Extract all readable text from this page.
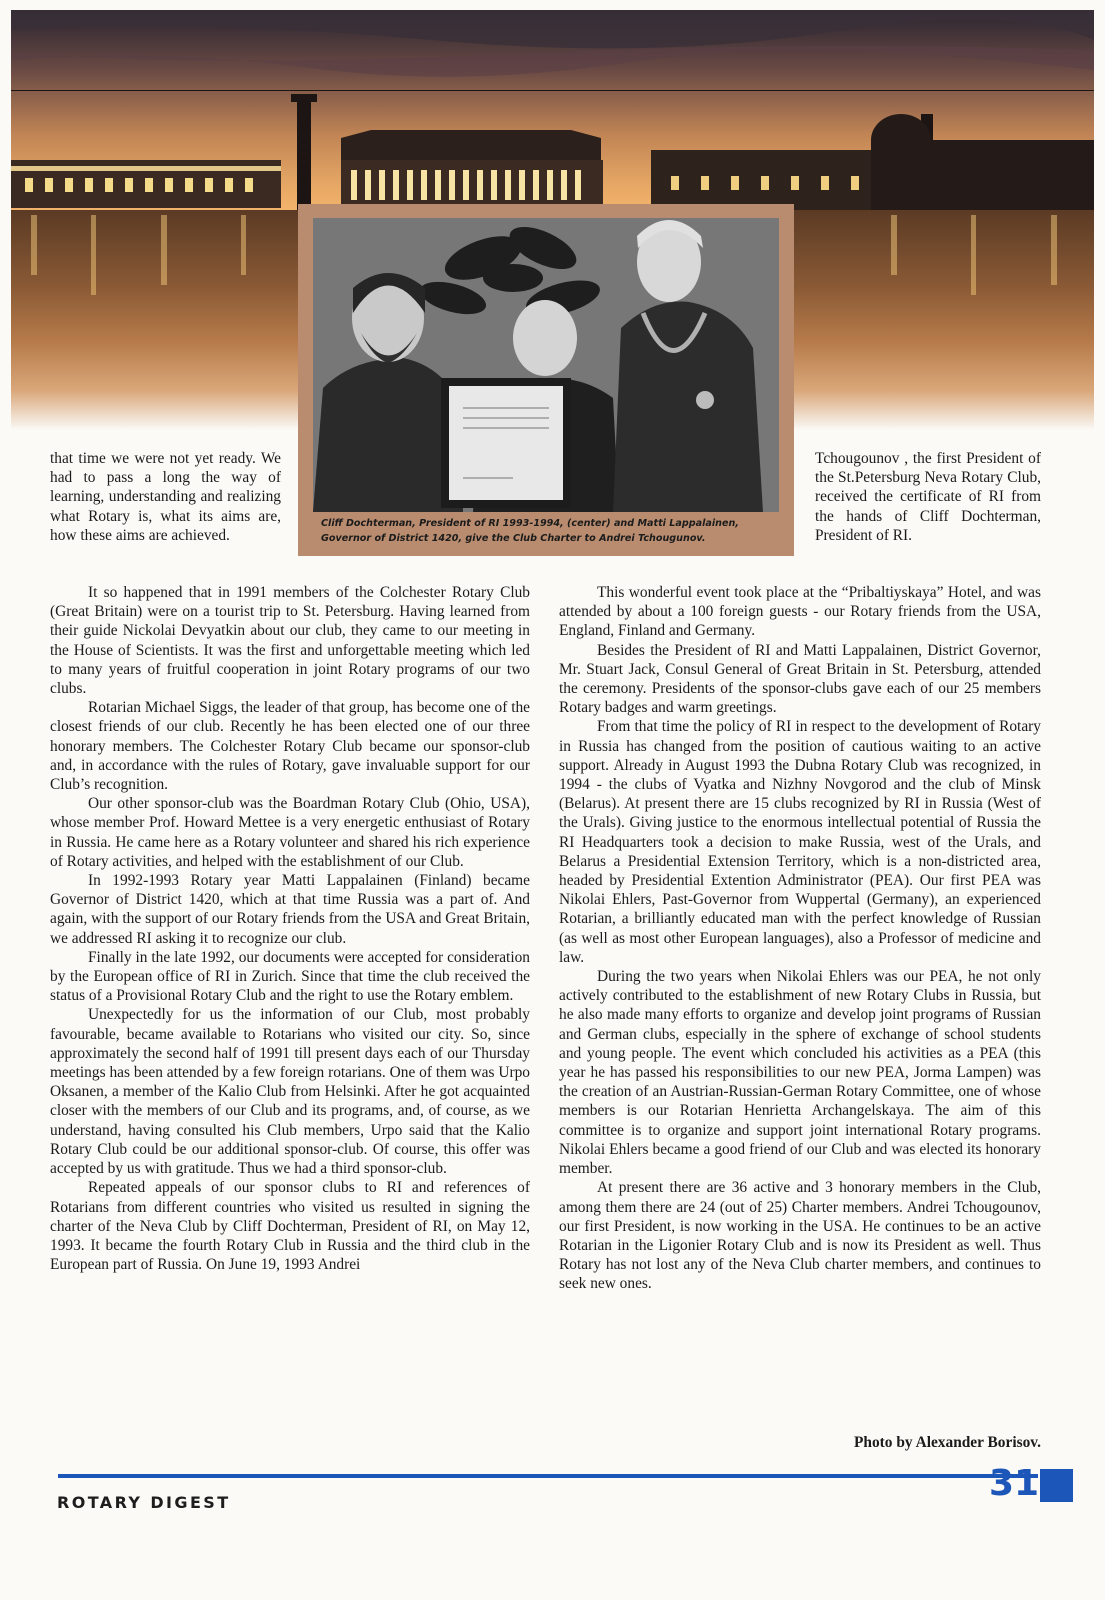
Cliff Dochterman, President of RI 1993-1994, (center) and Matti Lappalainen,
Governor of District 1420, give the Club Charter to Andrei Tchougunov.

that time we were not yet ready. We had to pass a long the way of learning, understanding and realizing what Rotary is, what its aims are, how these aims are achieved.

It so happened that in 1991 members of the Colchester Rotary Club (Great Britain) were on a tourist trip to St. Petersburg. Having learned from their guide Nickolai Devyatkin about our club, they came to our meeting in the House of Scientists. It was the first and unforgettable meeting which led to many years of fruitful cooperation in joint Rotary programs of our two clubs.

Rotarian Michael Siggs, the leader of that group, has become one of the closest friends of our club. Recently he has been elected one of our three honorary members. The Colchester Rotary Club became our sponsor-club and, in accordance with the rules of Rotary, gave invaluable support for our Club’s recognition.

Our other sponsor-club was the Boardman Rotary Club (Ohio, USA), whose member Prof. Howard Mettee is a very energetic enthusiast of Rotary in Russia. He came here as a Rotary volunteer and shared his rich experience of Rotary activities, and helped with the establishment of our Club.

In 1992-1993 Rotary year Matti Lappalainen (Finland) became Governor of District 1420, which at that time Russia was a part of. And again, with the support of our Rotary friends from the USA and Great Britain, we addressed RI asking it to recognize our club.

Finally in the late 1992, our documents were accepted for consideration by the European office of RI in Zurich. Since that time the club received the status of a Provisional Rotary Club and the right to use the Rotary emblem.

Unexpectedly for us the information of our Club, most probably favourable, became available to Rotarians who visited our city. So, since approximately the second half of 1991 till present days each of our Thursday meetings has been attended by a few foreign rotarians. One of them was Urpo Oksanen, a member of the Kalio Club from Helsinki. After he got acquainted closer with the members of our Club and its programs, and, of course, as we understand, having consulted his Club members, Urpo said that the Kalio Rotary Club could be our additional sponsor-club. Of course, this offer was accepted by us with gratitude. Thus we had a third sponsor-club.

Repeated appeals of our sponsor clubs to RI and references of Rotarians from different countries who visited us resulted in signing the charter of the Neva Club by Cliff Dochterman, President of RI, on May 12, 1993. It became the fourth Rotary Club in Russia and the third club in the European part of Russia. On June 19, 1993 Andrei

Tchougounov , the first President of the St.Petersburg Neva Rotary Club, received the certificate of RI from the hands of Cliff Dochterman, President of RI.

This wonderful event took place at the “Pribaltiyskaya” Hotel, and was attended by about a 100 foreign guests - our Rotary friends from the USA, England, Finland and Germany.

Besides the President of RI and Matti Lappalainen, District Governor, Mr. Stuart Jack, Consul General of Great Britain in St. Petersburg, attended the ceremony. Presidents of the sponsor-clubs gave each of our 25 members Rotary badges and warm greetings.

From that time the policy of RI in respect to the development of Rotary in Russia has changed from the position of cautious waiting to an active support. Already in August 1993 the Dubna Rotary Club was recognized, in 1994 - the clubs of Vyatka and Nizhny Novgorod and the club of Minsk (Belarus). At present there are 15 clubs recognized by RI in Russia (West of the Urals). Giving justice to the enormous intellectual potential of Russia the RI Headquarters took a decision to make Russia, west of the Urals, and Belarus a Presidential Extension Territory, which is a non-districted area, headed by Presidential Extention Administrator (PEA). Our first PEA was Nikolai Ehlers, Past-Governor from Wuppertal (Germany), an experienced Rotarian, a brilliantly educated man with the perfect knowledge of Russian (as well as most other European languages), also a Professor of medicine and law.

During the two years when Nikolai Ehlers was our PEA, he not only actively contributed to the establishment of new Rotary Clubs in Russia, but he also made many efforts to organize and develop joint programs of Russian and German clubs, especially in the sphere of exchange of school students and young people. The event which concluded his activities as a PEA (this year he has passed his responsibilities to our new PEA, Jorma Lampen) was the creation of an Austrian-Russian-German Rotary Committee, one of whose members is our Rotarian Henrietta Archangelskaya. The aim of this committee is to organize and support joint international Rotary programs. Nikolai Ehlers became a good friend of our Club and was elected its honorary member.

At present there are 36 active and 3 honorary members in the Club, among them there are 24 (out of 25) Charter members. Andrei Tchougounov, our first President, is now working in the USA. He continues to be an active Rotarian in the Ligonier Rotary Club and is now its President as well. Thus Rotary has not lost any of the Neva Club charter members, and continues to seek new ones.

Photo by Alexander Borisov.
ROTARY DIGEST	31
